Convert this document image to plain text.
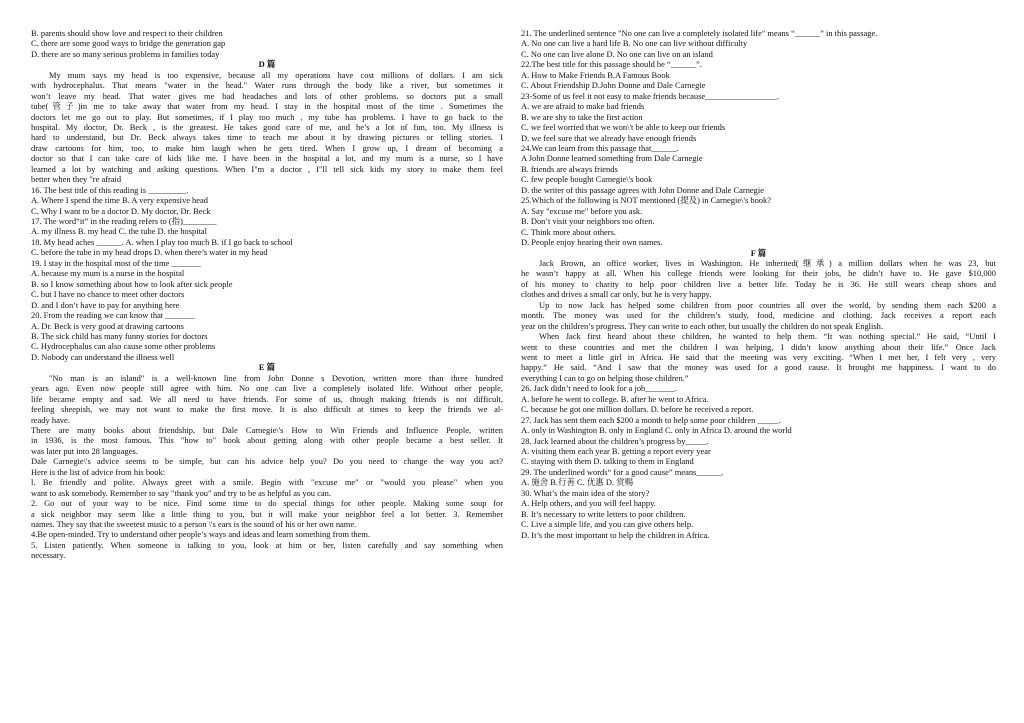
B. parents should show love and respect to their children
C. there are some good ways to bridge the generation gap
D. there are so many serious problems in families today
D 篇
My mum says my head is too expensive, because all my operations have cost millions of dollars. I am sick
with hydrocephalus. That means "water in the head." Water runs through the body like a river, but sometimes it
won’t leave my head. That water gives me bad headaches and lots of other problems. so doctors put a small
tube(管子)in me to take away that water from my head. I stay in the hospital most of the time . Sometimes the
doctors let me go out to play. But sometimes, if I play too much , my tube has problems. I have to go back to the
hospital. My doctor, Dr. Beck , is the greatest. He takes good care of me, and he’s a lot of fun, too. My illness is
hard to understand, but Dr. Beck always takes time to teach me about it by drawing pictures or telling stories. I
draw cartoons for him, too, to make him laugh when he gets tired. When I grow up, I dream of becoming a
doctor so that I can take care of kids like me. I have been in the hospital a lot, and my mum is a nurse, so I have
learned a lot by watching and asking questions. When I"m a doctor , I"ll tell sick kids my story to make them feel
better when they "re afraid
16. The best title of this reading is _________.
A. Where I spend the time B. A very expensive head
C. Why I want to be a doctor D. My doctor, Dr. Beck
17. The word“it” in the reading refers to (指)________
A. my illness B. my head C. the tube D. the hospital
18. My head aches ______. A. when I play too much B. if I go back to school
C. before the tube in my head drops D. when there’s water in my head
19. I stay in the hospital most of the time _______
A. because my mum is a nurse in the hospital
B. so I know something about how to look after sick people
C. but I have no chance to meet other doctors
D. and I don’t have to pay for anything here
20. From the reading we can know that _______
A. Dr. Beck is very good at drawing cartoons
B. The sick child has many funny stories for doctors
C. Hydrocephalus can also cause some other problems
D. Nobody can understand the illness well
E 篇
"No man is an island" is a well-known line from John Donne s Devotion, written more than three hundred
years ago. Even now people still agree with him. No one can live a completely isolated life. Without other people,
life became empty and sad. We all need to have friends. For some of us, though making friends is not difficult,
feeling sheepish, we may not want to make the first move. It is also difficult at times to keep the friends we al-
ready have.
There are many books about friendship, but Dale Carnegie\'s How to Win Friends and Influence People, written
in 1936, is the most famous. This "how to" book about getting along with other people became a best seller. It
was later put into 28 languages.
Dale Carnegie\'s advice seems to be simple, but can his advice help you? Do you need to change the way you act?
Here is the list of advice from his book:
l. Be friendly and polite. Always greet with a smile. Begin with "excuse me" or "would you please" when you
want to ask somebody. Remember to say "thank you" and try to be as helpful as you can.
2. Go out of your way to be nice. Find some time to do special things for other people. Making some soup for
a sick neighbor may seem like a little thing to you, but it will make your neighbor feel a lot better. 3. Remember
names. They say that the sweetest music to a person \'s ears is the sound of his or her own name.
4.Be open-minded. Try to understand other people’s ways and ideas and learn something from them.
5. Listen patiently. When someone is talking to you, look at him or her, listen carefully and say something when
necessary.
21. The underlined sentence "No one can live a completely isolated life" means “______” in this passage.
A. No one can live a hard life B. No one can live without difficulty
C. No one can live alone D. No one can live on an island
22.The best title for this passage should be “______”.
A. How to Make Friends B.A Famous Book
C. About Friendship D.John Donne and Dale Carnegie
23-Some of us feel it not easy to make friends because_________________.
A. we are afraid to make bad friends
B. we are shy to take the first action
C. we feel worried that we won\'t be able to keep our friends
D. we feel sure that we already have enough friends
24.We can learn from this passage that______.
A John Donne learned something from Dale Carnegie
B. friends are always friends
C. few people bought Carnegie\'s book
D. the writer of this passage agrees with John Donne and Dale Carnegie
25.Which of the following is NOT mentioned (提及) in Carnegie\'s book?
A. Say "excuse me" before you ask.
B. Don’t visit your neighbors too often.
C. Think more about others.
D. People enjoy hearing their own names.
F 篇
Jack Brown, an office worker, lives in Washington. He inherited(继承) a million dollars when he was 23, but
he wasn’t happy at all. When his college friends were looking for their jobs, he didn’t have to. He gave $10,000
of his money to charity to help poor children live a better life. Today he is 36. He still wears cheap shoes and
clothes and drives a small car only, but he is very happy.
Up to now Jack has helped some children from poor countries all over the world, by sending them each $200 a
month. The money was used for the children’s study, food, medicine and clothing. Jack receives a report each
year on the children’s progress. They can write to each other, but usually the children do not speak English.
When Jack first heard about these children, he wanted to help them. “It was nothing special.” He said, “Until I
went to these countries and met the children I was helping, I didn’t know anything about their life.” Once Jack
went to meet a little girl in Africa. He said that the meeting was very exciting. “When I met her, I felt very , very
happy.” He said. “And I saw that the money was used for a good cause. It brought me happiness. I want to do
everything I can to go on helping those children.”
26. Jack didn’t need to look for a job_______.
A. before he went to college. B. after he went to Africa.
C. because he got one million dollars. D. before he received a report.
27. Jack has sent them each $200 a month to help some poor children _____.
A. only in Washington B. only in England C. only in Africa D. around the world
28. Jack learned about the children’s progress by_____.
A. visiting them each year B. getting a report every year
C. staying with them D. talking to them in England
29. The underlined words“ for a good cause” means______.
A. 施舍 B.行善 C. 优惠 D. 赏赐
30. What’s the main idea of the story?
A. Help others, and you will feel happy.
B. It’s necessary to write letters to poor children.
C. Live a simple life, and you can give others help.
D. It’s the most important to help the children in Africa.
